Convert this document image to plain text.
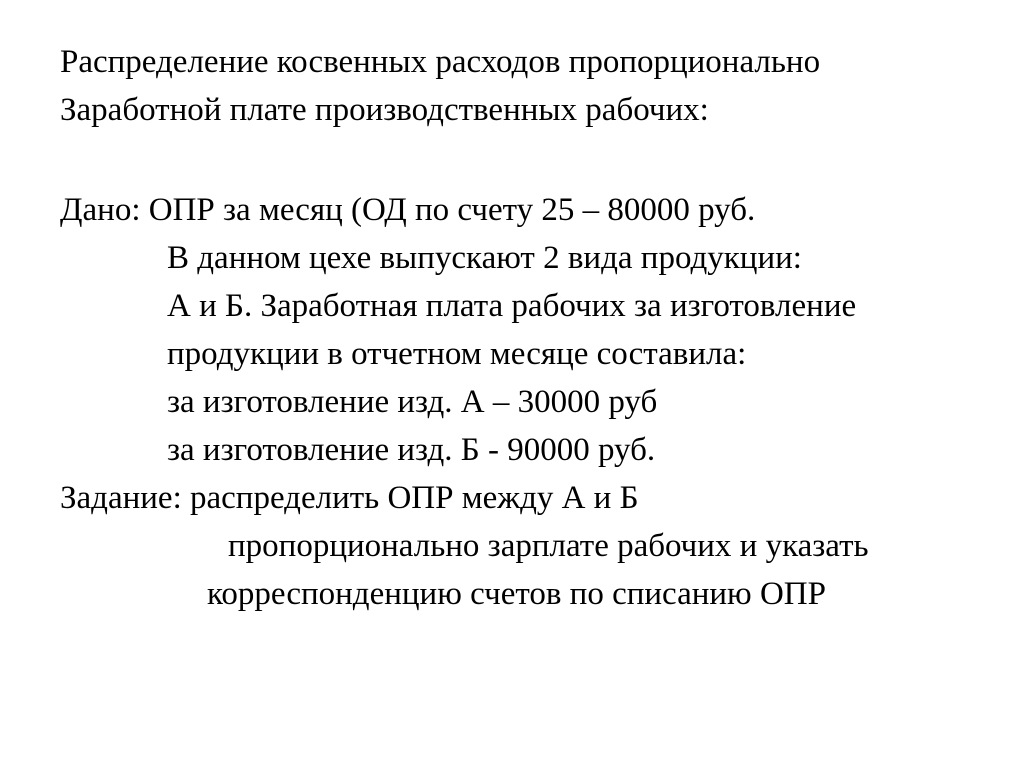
Распределение косвенных расходов пропорционально
Заработной плате производственных рабочих:
Дано: ОПР за месяц (ОД по счету 25 – 80000 руб.
В данном цехе выпускают 2 вида продукции:
А и Б. Заработная плата рабочих за изготовление
продукции в отчетном месяце составила:
за изготовление изд. А – 30000 руб
за изготовление изд. Б - 90000 руб.
Задание: распределить ОПР между А и Б
пропорционально зарплате рабочих и указать
корреспонденцию счетов по списанию ОПР
